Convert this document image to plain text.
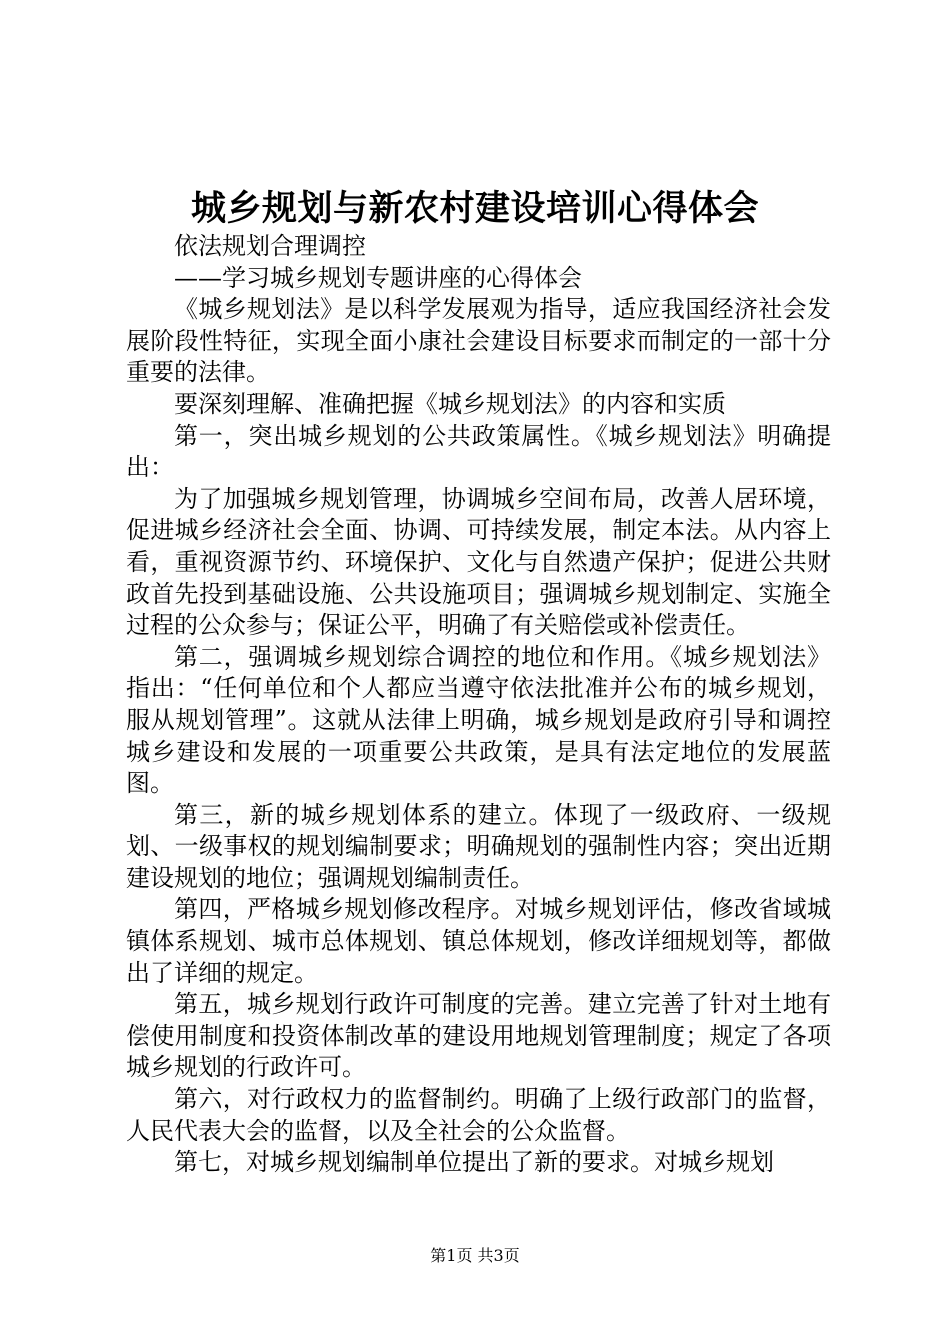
城乡规划与新农村建设培训心得体会

依法规划合理调控

——学习城乡规划专题讲座的心得体会

《城乡规划法》是以科学发展观为指导，适应我国经济社会发展阶段性特征，实现全面小康社会建设目标要求而制定的一部十分重要的法律。

要深刻理解、准确把握《城乡规划法》的内容和实质

第一，突出城乡规划的公共政策属性。《城乡规划法》明确提出：

为了加强城乡规划管理，协调城乡空间布局，改善人居环境，促进城乡经济社会全面、协调、可持续发展，制定本法。从内容上看，重视资源节约、环境保护、文化与自然遗产保护；促进公共财政首先投到基础设施、公共设施项目；强调城乡规划制定、实施全过程的公众参与；保证公平，明确了有关赔偿或补偿责任。

第二，强调城乡规划综合调控的地位和作用。《城乡规划法》指出：“任何单位和个人都应当遵守依法批准并公布的城乡规划，服从规划管理”。这就从法律上明确，城乡规划是政府引导和调控城乡建设和发展的一项重要公共政策，是具有法定地位的发展蓝图。

第三，新的城乡规划体系的建立。体现了一级政府、一级规划、一级事权的规划编制要求；明确规划的强制性内容；突出近期建设规划的地位；强调规划编制责任。

第四，严格城乡规划修改程序。对城乡规划评估，修改省域城镇体系规划、城市总体规划、镇总体规划，修改详细规划等，都做出了详细的规定。

第五，城乡规划行政许可制度的完善。建立完善了针对土地有偿使用制度和投资体制改革的建设用地规划管理制度；规定了各项城乡规划的行政许可。

第六，对行政权力的监督制约。明确了上级行政部门的监督，人民代表大会的监督，以及全社会的公众监督。

第七，对城乡规划编制单位提出了新的要求。对城乡规划

第1页 共3页
